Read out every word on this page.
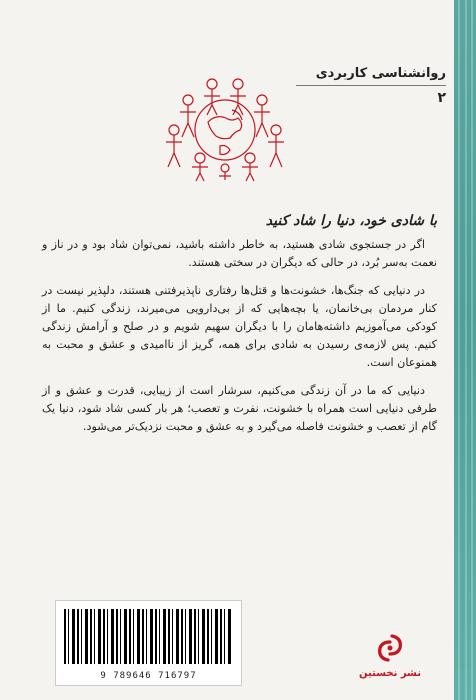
روانشناسی کاربردی
۲
با شادی خود، دنیا را شاد کنید

اگر در جستجوی شادی هستید، به خاطر داشته باشید، نمی‌توان شاد بود و در ناز و نعمت به‌سر بُرد، در حالی که دیگران در سختی هستند.

در دنیایی که جنگ‌ها، خشونت‌ها و قتل‌ها رفتاری ناپذیرفتنی هستند، دلپذیر نیست در کنار مردمان بی‌خانمان، یا بچه‌هایی که از بی‌دارویی می‌میرند، زندگی کنیم. ما از کودکی می‌آموزیم داشته‌هامان را با دیگران سهیم شویم و در صلح و آرامش زندگی کنیم. پس لازمه‌ی رسیدن به شادی برای همه، گریز از ناامیدی و عشق و محبت به همنوعان است.

دنیایی که ما در آن زندگی می‌کنیم، سرشار است از زیبایی، قدرت و عشق و از طرفی دنیایی است همراه با خشونت، نفرت و تعصب؛ هر بار کسی شاد شود، دنیا یک گام از تعصب و خشونت فاصله می‌گیرد و به عشق و محبت نزدیک‌تر می‌شود.

9 789646 716797	نشر نخستین
